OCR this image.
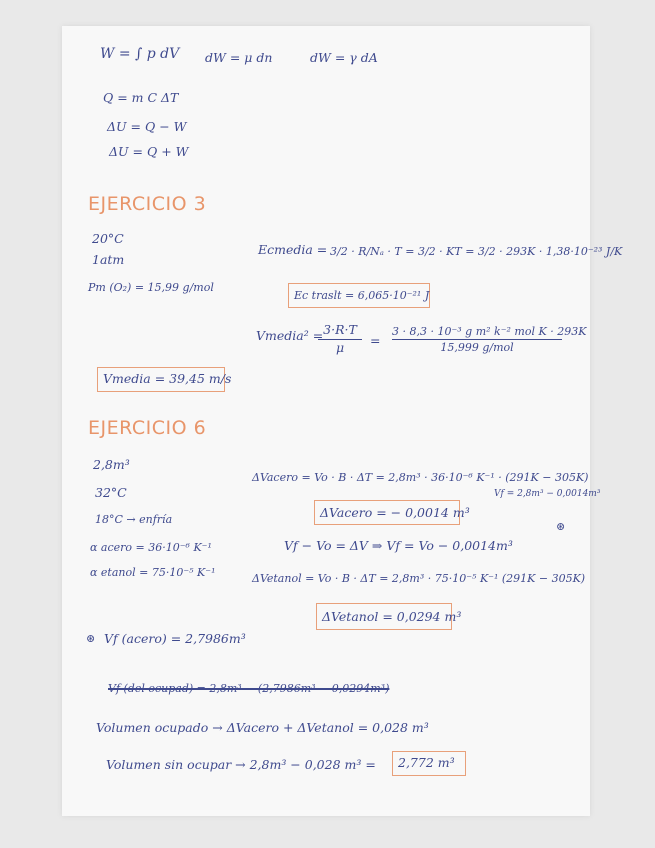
W = ∫ p dV dW = μ dn	dW = γ dA
Q = m C ΔT
ΔU = Q − W
ΔU = Q + W
EJERCICIO 3
20°C
1atm
Pm (O₂) = 15,99 g/mol
Ecmedia = 3/2 · R/Nₐ · T = 3/2 · KT = 3/2 · 293K · 1,38·10⁻²³ J/K
Ec traslt = 6,065·10⁻²¹ J
Vmedia² = 3·R·T
μ	=
3 · 8,3 · 10⁻³ g m² k⁻² mol K · 293K
15,999 g/mol
Vmedia = 39,45 m/s
EJERCICIO 6
2,8m³
32°C
18°C → enfría
α acero = 36·10⁻⁶ K⁻¹
α etanol = 75·10⁻⁵ K⁻¹
ΔVacero = Vo · B · ΔT = 2,8m³ · 36·10⁻⁶ K⁻¹ · (291K − 305K)
ΔVacero = − 0,0014 m³
Vf = 2,8m³ − 0,0014m³
⊛
Vf − Vo = ΔV ⇒ Vf = Vo − 0,0014m³
ΔVetanol = Vo · B · ΔT = 2,8m³ · 75·10⁻⁵ K⁻¹ (291K − 305K)
ΔVetanol = 0,0294 m³
⊛ Vf (acero) = 2,7986m³
Vf (del ocupad) = 2,8m³ − (2,7986m³ − 0,0294m³)
Volumen ocupado → ΔVacero + ΔVetanol = 0,028 m³
Volumen sin ocupar → 2,8m³ − 0,028 m³ = 2,772 m³
